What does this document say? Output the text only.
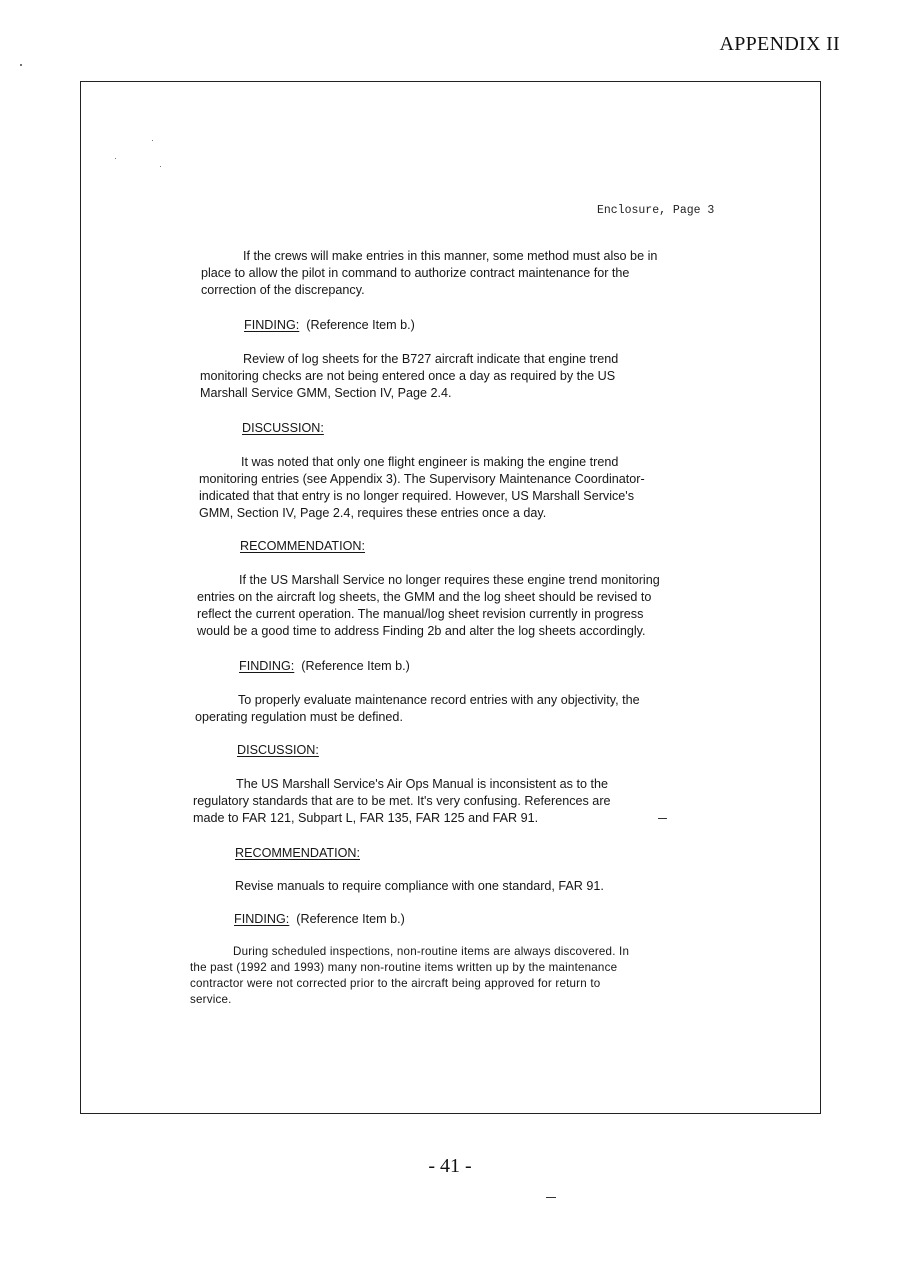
APPENDIX II
Enclosure, Page 3
If the crews will make entries in this manner, some method must also be in
place to allow the pilot in command to authorize contract maintenance for the
correction of the discrepancy.
FINDING: (Reference Item b.)
Review of log sheets for the B727 aircraft indicate that engine trend
monitoring checks are not being entered once a day as required by the US
Marshall Service GMM, Section IV, Page 2.4.
DISCUSSION:
It was noted that only one flight engineer is making the engine trend
monitoring entries (see Appendix 3). The Supervisory Maintenance Coordinator-
indicated that that entry is no longer required. However, US Marshall Service's
GMM, Section IV, Page 2.4, requires these entries once a day.
RECOMMENDATION:
If the US Marshall Service no longer requires these engine trend monitoring
entries on the aircraft log sheets, the GMM and the log sheet should be revised to
reflect the current operation. The manual/log sheet revision currently in progress
would be a good time to address Finding 2b and alter the log sheets accordingly.
FINDING: (Reference Item b.)
To properly evaluate maintenance record entries with any objectivity, the
operating regulation must be defined.
DISCUSSION:
The US Marshall Service's Air Ops Manual is inconsistent as to the
regulatory standards that are to be met. It's very confusing. References are
made to FAR 121, Subpart L, FAR 135, FAR 125 and FAR 91.
RECOMMENDATION:
Revise manuals to require compliance with one standard, FAR 91.
FINDING: (Reference Item b.)
During scheduled inspections, non-routine items are always discovered. In
the past (1992 and 1993) many non-routine items written up by the maintenance
contractor were not corrected prior to the aircraft being approved for return to
service.
- 41 -
